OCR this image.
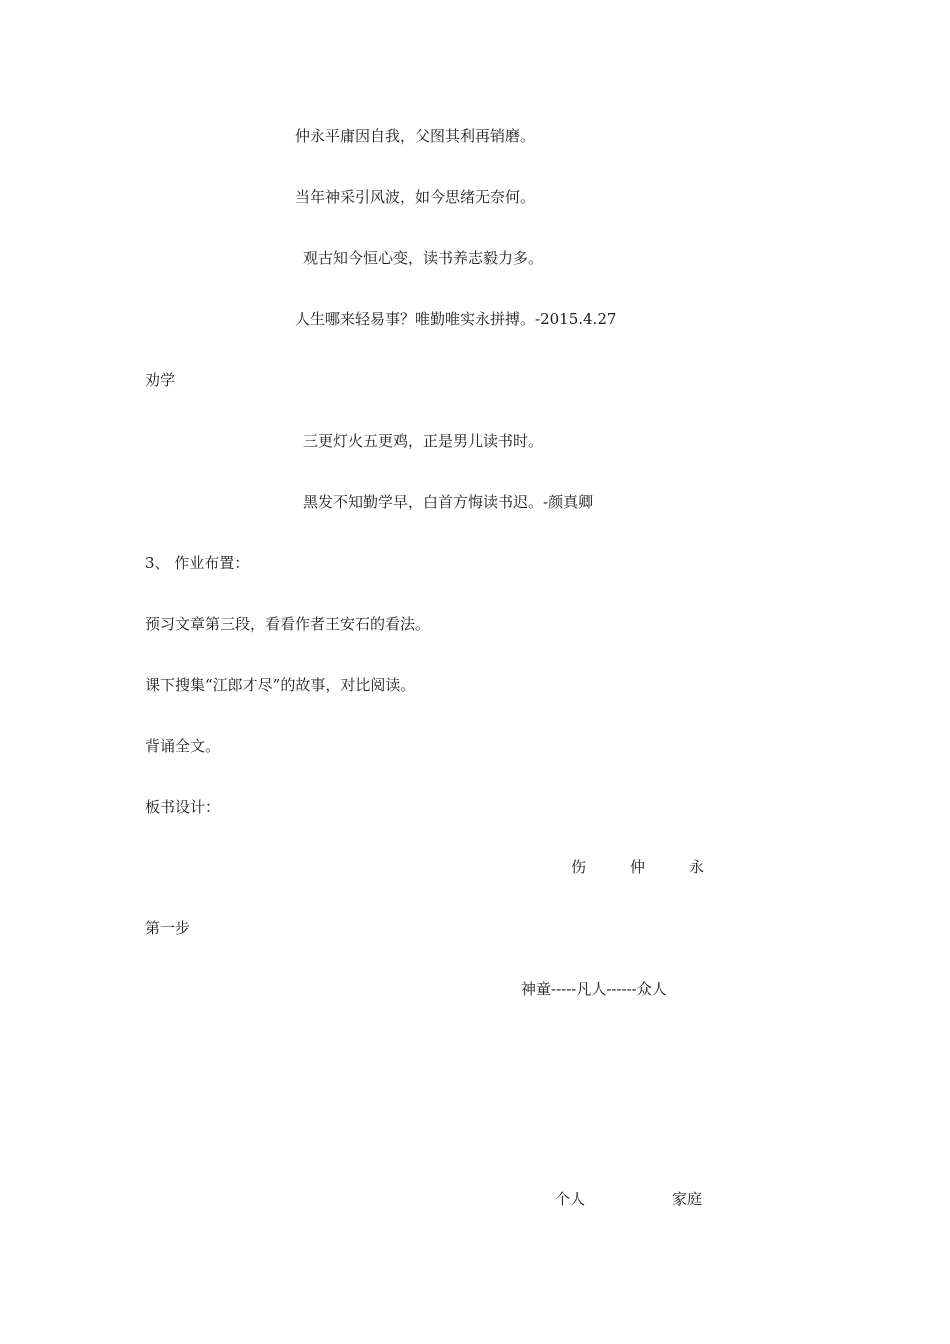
仲永平庸因自我，父图其利再销磨。
当年神采引风波，如今思绪无奈何。
观古知今恒心变，读书养志毅力多。
人生哪来轻易事？唯勤唯实永拼搏。-2015.4.27
劝学
三更灯火五更鸡，正是男儿读书时。
黑发不知勤学早，白首方悔读书迟。-颜真卿
3、 作业布置：
预习文章第三段，看看作者王安石的看法。
课下搜集“江郎才尽”的故事，对比阅读。
背诵全文。
板书设计：
伤	仲	永
第一步
神童-----凡人------众人
个人	家庭
